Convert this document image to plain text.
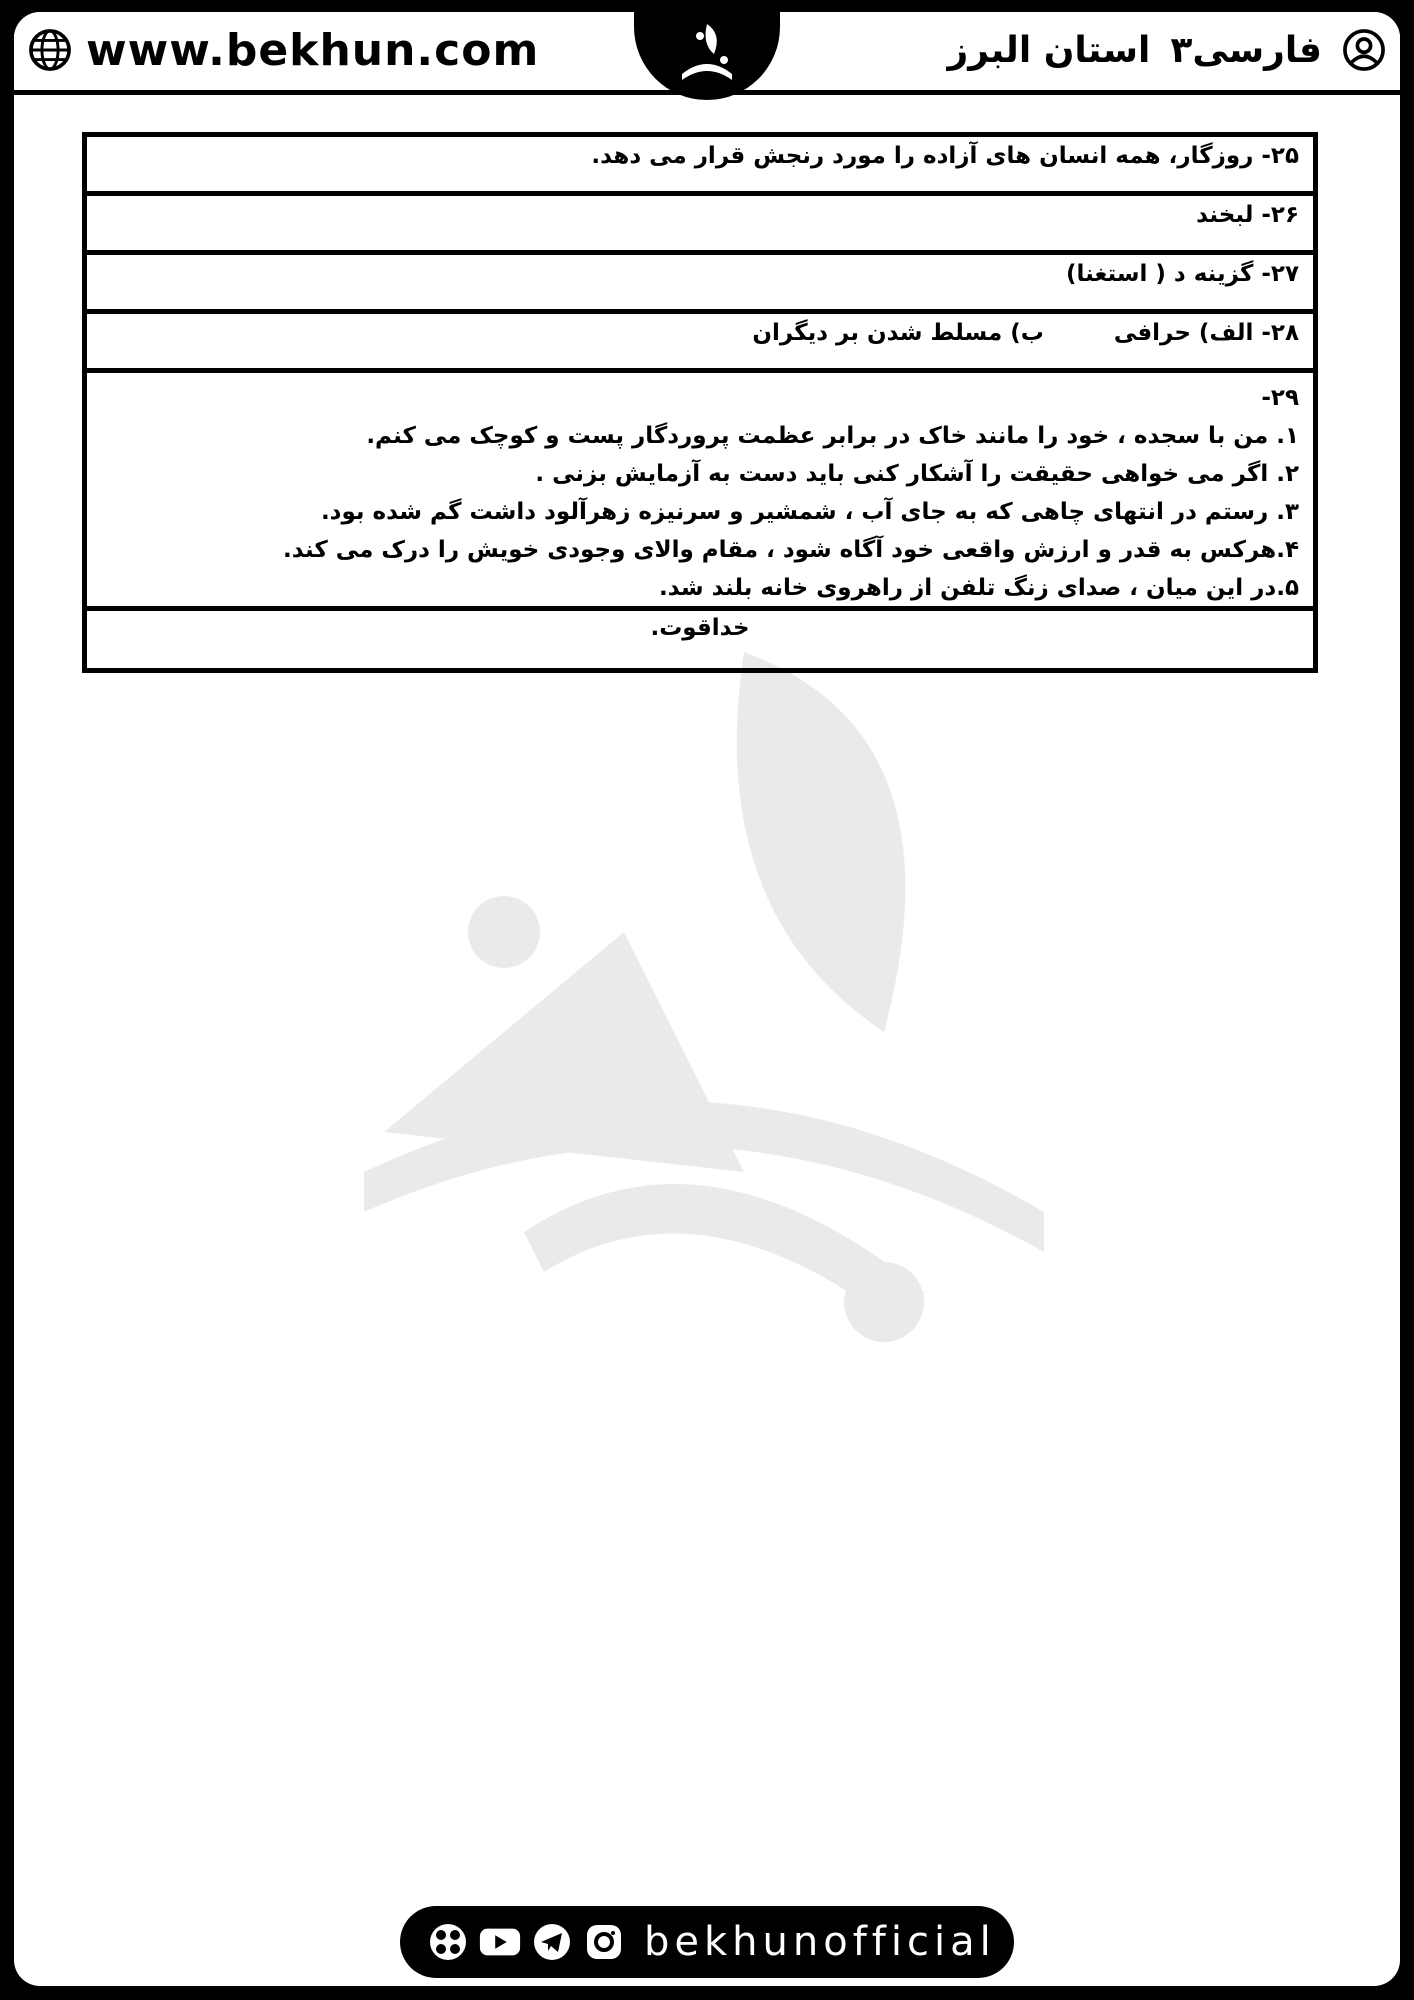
www.bekhun.com	فارسی۳
استان البرز
۲۵- روزگار، همه انسان های آزاده را مورد رنجش قرار می دهد.
۲۶- لبخند
۲۷- گزینه د ( استغنا)
۲۸- الف) حرافیب) مسلط شدن بر دیگران
۲۹-
۱. من با سجده ، خود را مانند خاک در برابر عظمت پروردگار پست و کوچک می کنم.
۲. اگر می خواهی حقیقت را آشکار کنی باید دست به آزمایش بزنی .
۳. رستم در انتهای چاهی که به جای آب ، شمشیر و سرنیزه زهرآلود داشت گم شده بود.
۴.هرکس به قدر و ارزش واقعی خود آگاه شود ، مقام والای وجودی خویش را درک می کند.
۵.در این میان ، صدای زنگ تلفن از راهروی خانه بلند شد.
خداقوت.
bekhunofficial
